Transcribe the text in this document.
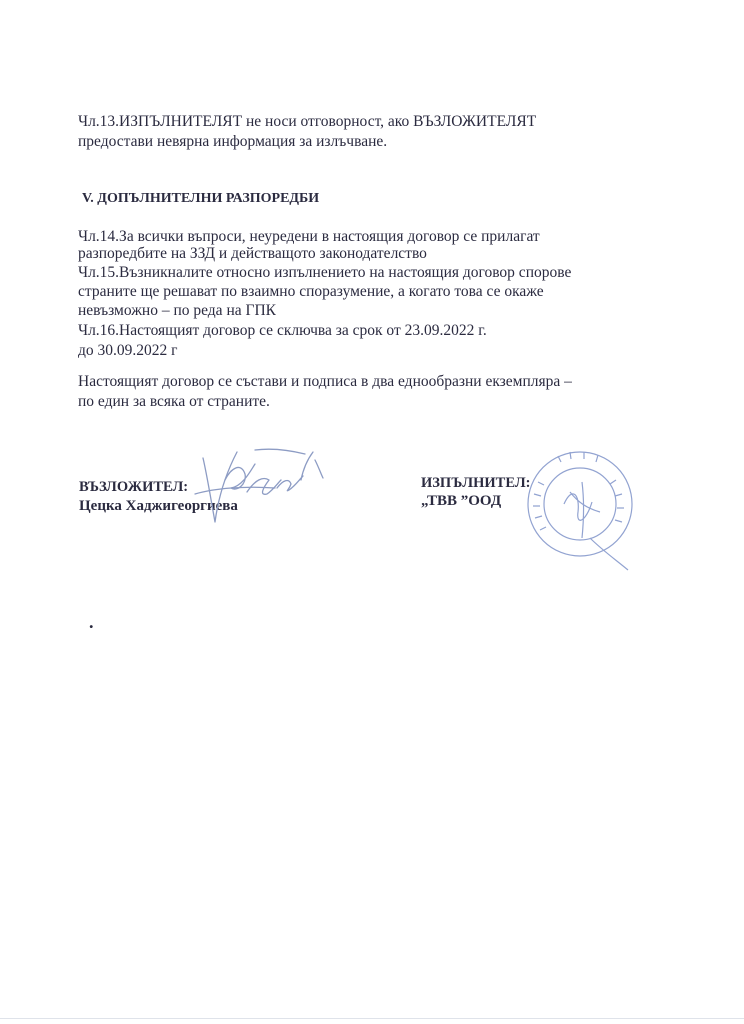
Чл.13.ИЗПЪЛНИТЕЛЯТ не носи отговорност, ако ВЪЗЛОЖИТЕЛЯТ
предостави невярна информация за излъчване.
V. ДОПЪЛНИТЕЛНИ РАЗПОРЕДБИ
Чл.14.За всички въпроси, неуредени в настоящия договор се прилагат
разпоредбите на ЗЗД и действащото законодателство
Чл.15.Възникналите относно изпълнението на настоящия договор спорове
страните ще решават по взаимно споразумение, а когато това се окаже
невъзможно – по реда на ГПК
Чл.16.Настоящият договор се сключва за срок от 23.09.2022 г.
до 30.09.2022 г
Настоящият договор се състави и подписа в два еднообразни екземпляра –
по един за всяка от страните.
ВЪЗЛОЖИТЕЛ:
Цецка Хаджигеоргиева
ИЗПЪЛНИТЕЛ:
„ТВВ ”ООД
.
